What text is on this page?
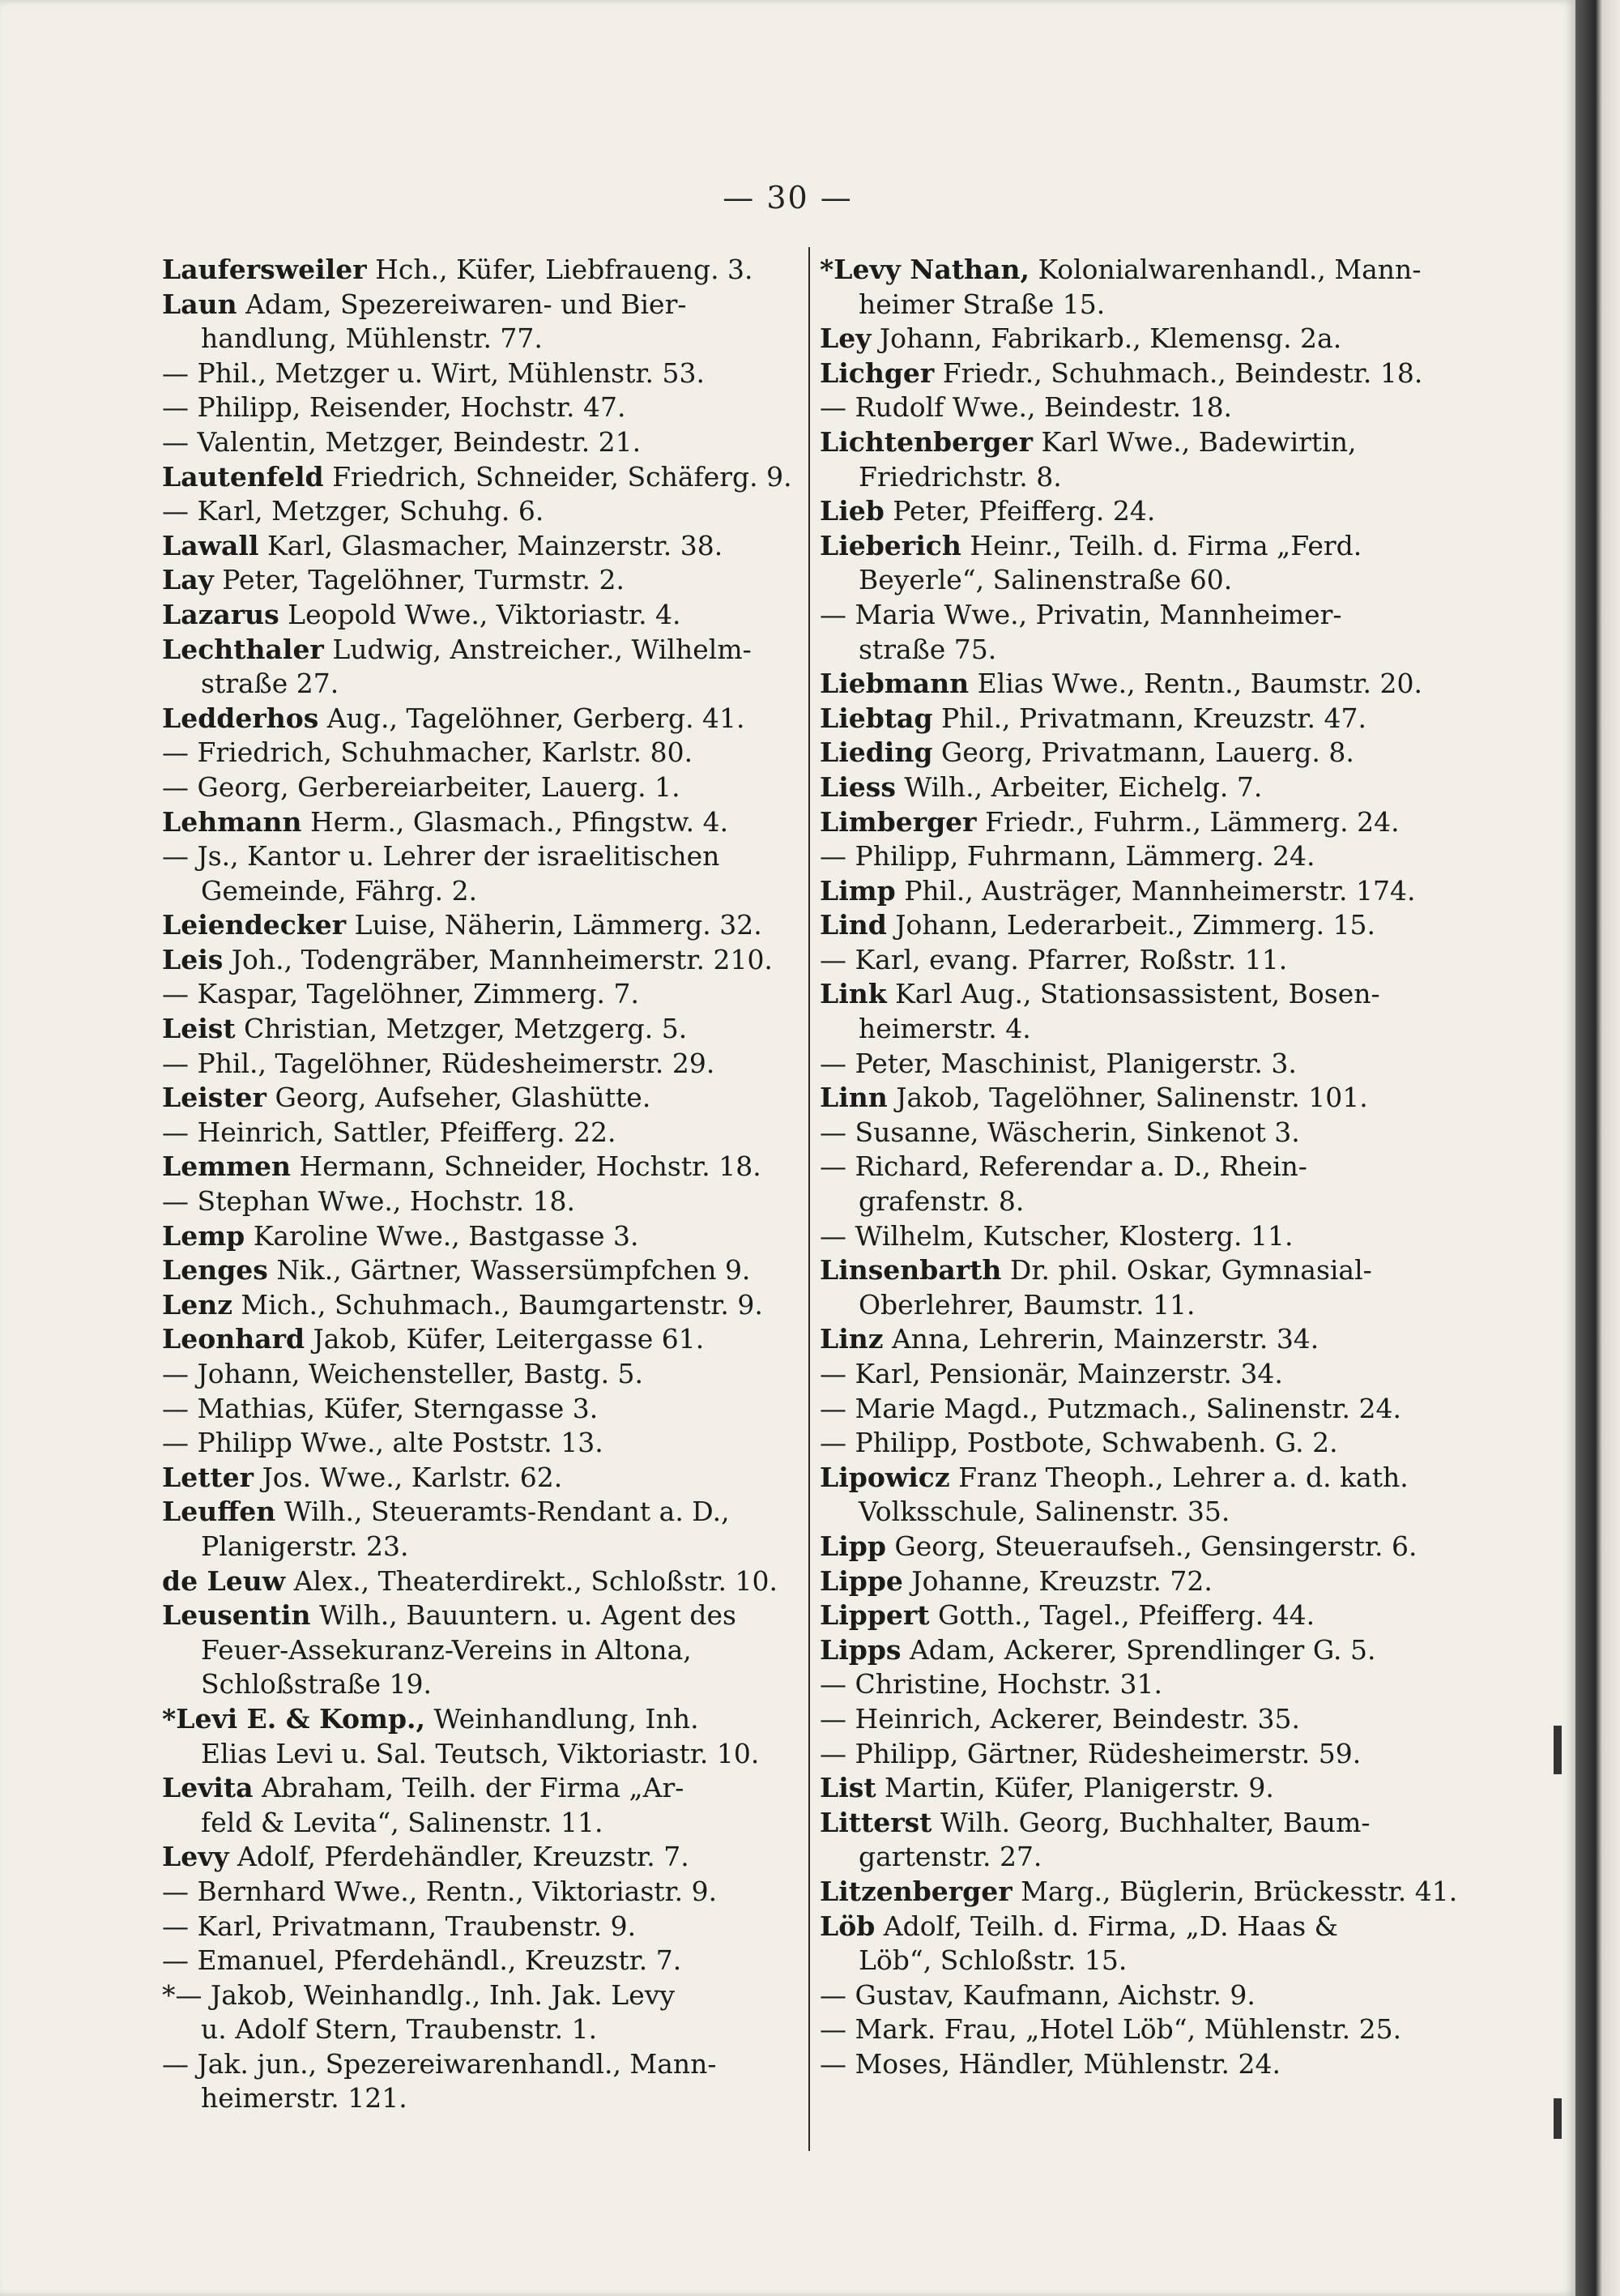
— 30 —
Laufersweiler Hch., Küfer, Liebfraueng. 3.
Laun Adam, Spezereiwaren- und Bier-
handlung, Mühlenstr. 77.
— Phil., Metzger u. Wirt, Mühlenstr. 53.
— Philipp, Reisender, Hochstr. 47.
— Valentin, Metzger, Beindestr. 21.
Lautenfeld Friedrich, Schneider, Schäferg. 9.
— Karl, Metzger, Schuhg. 6.
Lawall Karl, Glasmacher, Mainzerstr. 38.
Lay Peter, Tagelöhner, Turmstr. 2.
Lazarus Leopold Wwe., Viktoriastr. 4.
Lechthaler Ludwig, Anstreicher., Wilhelm-
straße 27.
Ledderhos Aug., Tagelöhner, Gerberg. 41.
— Friedrich, Schuhmacher, Karlstr. 80.
— Georg, Gerbereiarbeiter, Lauerg. 1.
Lehmann Herm., Glasmach., Pfingstw. 4.
— Js., Kantor u. Lehrer der israelitischen
Gemeinde, Fährg. 2.
Leiendecker Luise, Näherin, Lämmerg. 32.
Leis Joh., Todengräber, Mannheimerstr. 210.
— Kaspar, Tagelöhner, Zimmerg. 7.
Leist Christian, Metzger, Metzgerg. 5.
— Phil., Tagelöhner, Rüdesheimerstr. 29.
Leister Georg, Aufseher, Glashütte.
— Heinrich, Sattler, Pfeifferg. 22.
Lemmen Hermann, Schneider, Hochstr. 18.
— Stephan Wwe., Hochstr. 18.
Lemp Karoline Wwe., Bastgasse 3.
Lenges Nik., Gärtner, Wassersümpfchen 9.
Lenz Mich., Schuhmach., Baumgartenstr. 9.
Leonhard Jakob, Küfer, Leitergasse 61.
— Johann, Weichensteller, Bastg. 5.
— Mathias, Küfer, Sterngasse 3.
— Philipp Wwe., alte Poststr. 13.
Letter Jos. Wwe., Karlstr. 62.
Leuffen Wilh., Steueramts-Rendant a. D.,
Planigerstr. 23.
de Leuw Alex., Theaterdirekt., Schloßstr. 10.
Leusentin Wilh., Bauuntern. u. Agent des
Feuer-Assekuranz-Vereins in Altona,
Schloßstraße 19.
*Levi E. & Komp., Weinhandlung, Inh.
Elias Levi u. Sal. Teutsch, Viktoriastr. 10.
Levita Abraham, Teilh. der Firma „Ar-
feld & Levita“, Salinenstr. 11.
Levy Adolf, Pferdehändler, Kreuzstr. 7.
— Bernhard Wwe., Rentn., Viktoriastr. 9.
— Karl, Privatmann, Traubenstr. 9.
— Emanuel, Pferdehändl., Kreuzstr. 7.
*— Jakob, Weinhandlg., Inh. Jak. Levy
u. Adolf Stern, Traubenstr. 1.
— Jak. jun., Spezereiwarenhandl., Mann-
heimerstr. 121.
*Levy Nathan, Kolonialwarenhandl., Mann-
heimer Straße 15.
Ley Johann, Fabrikarb., Klemensg. 2a.
Lichger Friedr., Schuhmach., Beindestr. 18.
— Rudolf Wwe., Beindestr. 18.
Lichtenberger Karl Wwe., Badewirtin,
Friedrichstr. 8.
Lieb Peter, Pfeifferg. 24.
Lieberich Heinr., Teilh. d. Firma „Ferd.
Beyerle“, Salinenstraße 60.
— Maria Wwe., Privatin, Mannheimer-
straße 75.
Liebmann Elias Wwe., Rentn., Baumstr. 20.
Liebtag Phil., Privatmann, Kreuzstr. 47.
Lieding Georg, Privatmann, Lauerg. 8.
Liess Wilh., Arbeiter, Eichelg. 7.
Limberger Friedr., Fuhrm., Lämmerg. 24.
— Philipp, Fuhrmann, Lämmerg. 24.
Limp Phil., Austräger, Mannheimerstr. 174.
Lind Johann, Lederarbeit., Zimmerg. 15.
— Karl, evang. Pfarrer, Roßstr. 11.
Link Karl Aug., Stationsassistent, Bosen-
heimerstr. 4.
— Peter, Maschinist, Planigerstr. 3.
Linn Jakob, Tagelöhner, Salinenstr. 101.
— Susanne, Wäscherin, Sinkenot 3.
— Richard, Referendar a. D., Rhein-
grafenstr. 8.
— Wilhelm, Kutscher, Klosterg. 11.
Linsenbarth Dr. phil. Oskar, Gymnasial-
Oberlehrer, Baumstr. 11.
Linz Anna, Lehrerin, Mainzerstr. 34.
— Karl, Pensionär, Mainzerstr. 34.
— Marie Magd., Putzmach., Salinenstr. 24.
— Philipp, Postbote, Schwabenh. G. 2.
Lipowicz Franz Theoph., Lehrer a. d. kath.
Volksschule, Salinenstr. 35.
Lipp Georg, Steueraufseh., Gensingerstr. 6.
Lippe Johanne, Kreuzstr. 72.
Lippert Gotth., Tagel., Pfeifferg. 44.
Lipps Adam, Ackerer, Sprendlinger G. 5.
— Christine, Hochstr. 31.
— Heinrich, Ackerer, Beindestr. 35.
— Philipp, Gärtner, Rüdesheimerstr. 59.
List Martin, Küfer, Planigerstr. 9.
Litterst Wilh. Georg, Buchhalter, Baum-
gartenstr. 27.
Litzenberger Marg., Büglerin, Brückesstr. 41.
Löb Adolf, Teilh. d. Firma, „D. Haas &
Löb“, Schloßstr. 15.
— Gustav, Kaufmann, Aichstr. 9.
— Mark. Frau, „Hotel Löb“, Mühlenstr. 25.
— Moses, Händler, Mühlenstr. 24.
